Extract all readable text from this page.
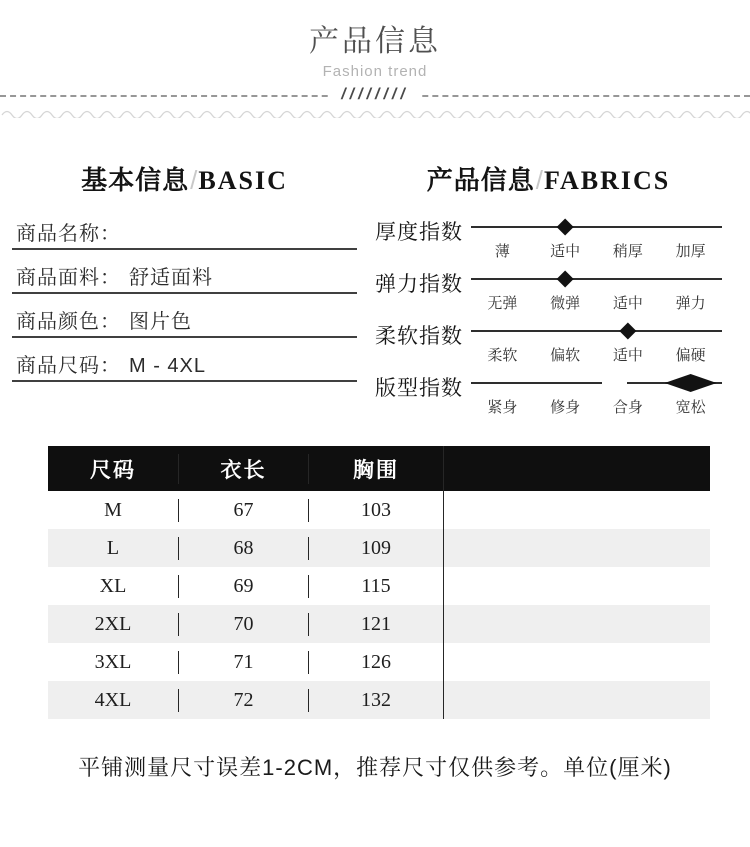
产品信息
Fashion trend
////////
基本信息/BASIC
商品名称：
商品面料： 舒适面料
商品颜色： 图片色
商品尺码： M - 4XL
产品信息/FABRICS
厚度指数
薄	适中	稍厚	加厚
弹力指数
无弹	微弹	适中	弹力
柔软指数
柔软	偏软	适中	偏硬
版型指数
紧身	修身	合身	宽松
尺码	衣长	胸围
M	67	103
L	68	109
XL	69	115
2XL	70	121
3XL	71	126
4XL	72	132

平铺测量尺寸误差1-2CM，推荐尺寸仅供参考。单位(厘米)
